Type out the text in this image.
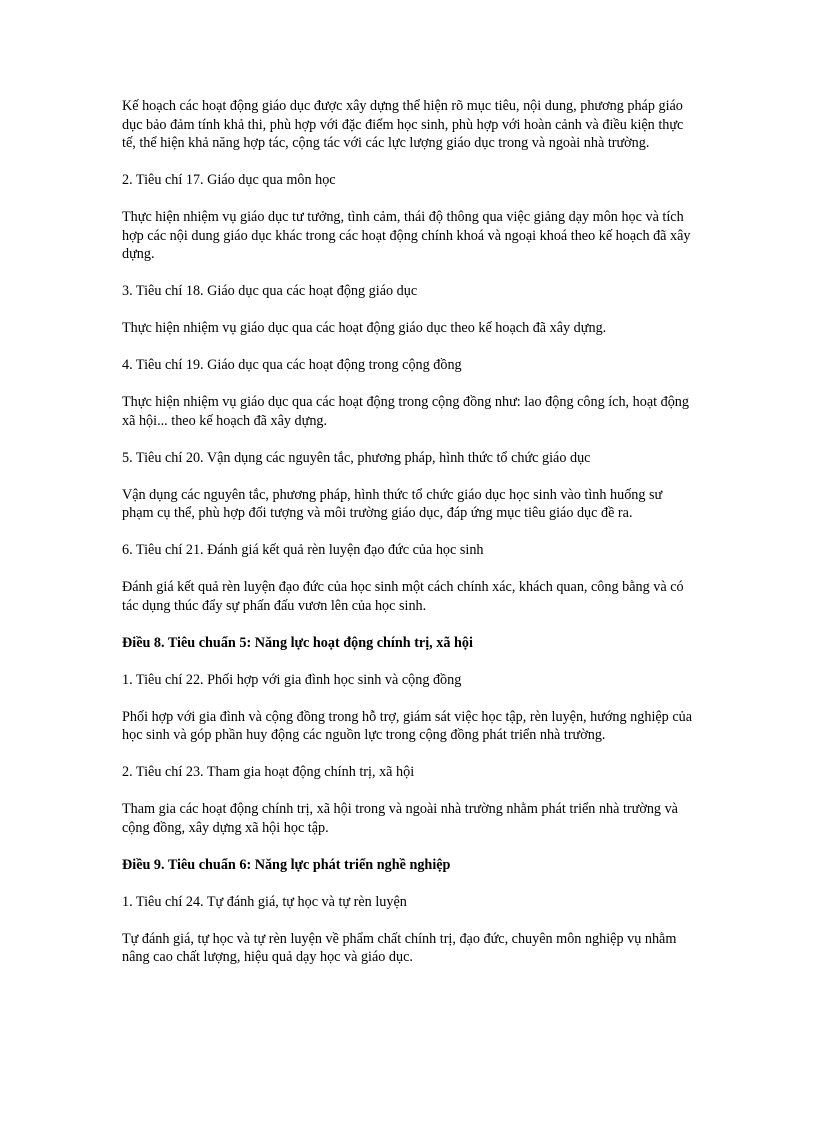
Kế hoạch các hoạt động giáo dục được xây dựng thể hiện rõ mục tiêu, nội dung, phương pháp giáo dục bảo đảm tính khả thi, phù hợp với đặc điểm học sinh, phù hợp với hoàn cảnh và điều kiện thực tế, thể hiện khả năng hợp tác, cộng tác với các lực lượng giáo dục trong và ngoài nhà trường.

2. Tiêu chí 17. Giáo dục qua môn học

Thực hiện nhiệm vụ giáo dục tư tưởng, tình cảm, thái độ thông qua việc giảng dạy môn học và tích hợp các nội dung giáo dục khác trong các hoạt động chính khoá và ngoại khoá theo kế hoạch đã xây dựng.

3. Tiêu chí 18. Giáo dục qua các hoạt động giáo dục

Thực hiện nhiệm vụ giáo dục qua các hoạt động giáo dục theo kế hoạch đã xây dựng.

4. Tiêu chí 19. Giáo dục qua các hoạt động trong cộng đồng

Thực hiện nhiệm vụ giáo dục qua các hoạt động trong cộng đồng như: lao động công ích, hoạt động xã hội... theo kế hoạch đã xây dựng.

5. Tiêu chí 20. Vận dụng các nguyên tắc, phương pháp, hình thức tổ chức giáo dục

Vận dụng các nguyên tắc, phương pháp, hình thức tổ chức giáo dục học sinh vào tình huống sư phạm cụ thể, phù hợp đối tượng và môi trường giáo dục, đáp ứng mục tiêu giáo dục đề ra.

6. Tiêu chí 21. Đánh giá kết quả rèn luyện đạo đức của học sinh

Đánh giá kết quả rèn luyện đạo đức của học sinh một cách chính xác, khách quan, công bằng và có tác dụng thúc đẩy sự phấn đấu vươn lên của học sinh.

Điều 8. Tiêu chuẩn 5: Năng lực hoạt động chính trị, xã hội

1. Tiêu chí 22. Phối hợp với gia đình học sinh và cộng đồng

Phối hợp với gia đình và cộng đồng trong hỗ trợ, giám sát việc học tập, rèn luyện, hướng nghiệp của học sinh và góp phần huy động các nguồn lực trong cộng đồng phát triển nhà trường.

2. Tiêu chí 23. Tham gia hoạt động chính trị, xã hội

Tham gia các hoạt động chính trị, xã hội trong và ngoài nhà trường nhằm phát triển nhà trường và cộng đồng, xây dựng xã hội học tập.

Điều 9. Tiêu chuẩn 6: Năng lực phát triển nghề nghiệp

1. Tiêu chí 24. Tự đánh giá, tự học và tự rèn luyện

Tự đánh giá, tự học và tự rèn luyện về phẩm chất chính trị, đạo đức, chuyên môn nghiệp vụ nhằm nâng cao chất lượng, hiệu quả dạy học và giáo dục.
